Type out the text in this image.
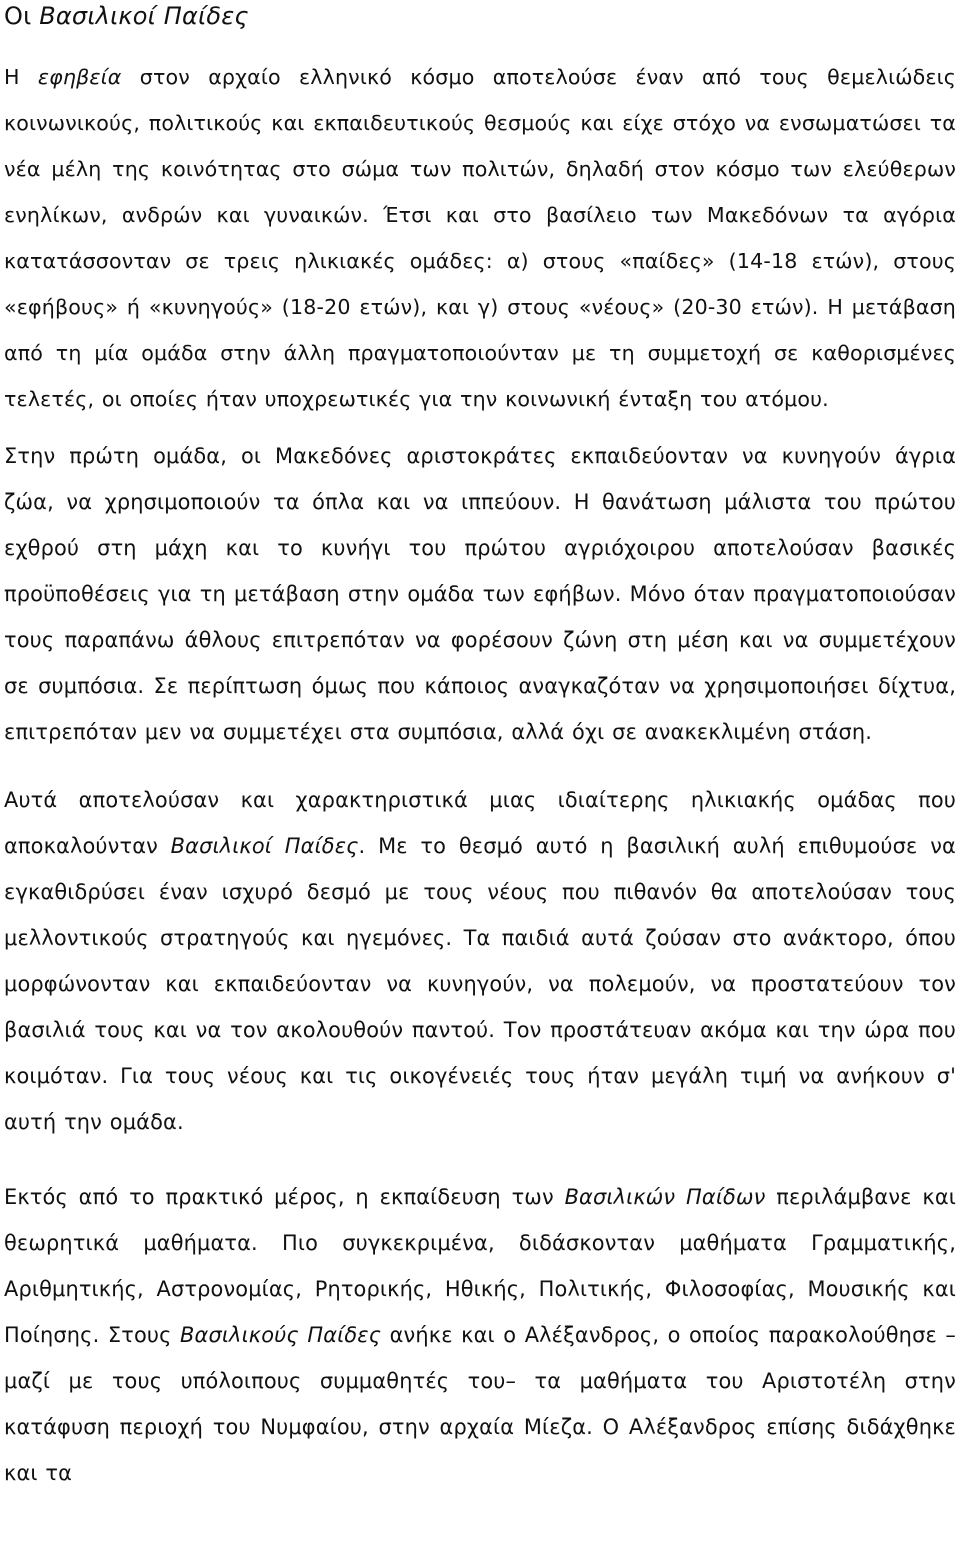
Οι Βασιλικοί Παίδες

Η εφηβεία στον αρχαίο ελληνικό κόσμο αποτελούσε έναν από τους θεμελιώδεις κοινωνικούς, πολιτικούς και εκπαιδευτικούς θεσμούς και είχε στόχο να ενσωματώσει τα νέα μέλη της κοινότητας στο σώμα των πολιτών, δηλαδή στον κόσμο των ελεύθερων ενηλίκων, ανδρών και γυναικών. Έτσι και στο βασίλειο των Μακεδόνων τα αγόρια κατατάσσονταν σε τρεις ηλικιακές ομάδες: α) στους «παίδες» (14-18 ετών), στους «εφήβους» ή «κυνηγούς» (18-20 ετών), και γ) στους «νέους» (20-30 ετών). Η μετάβαση από τη μία ομάδα στην άλλη πραγματοποιούνταν με τη συμμετοχή σε καθορισμένες τελετές, οι οποίες ήταν υποχρεωτικές για την κοινωνική ένταξη του ατόμου.

Στην πρώτη ομάδα, οι Μακεδόνες αριστοκράτες εκπαιδεύονταν να κυνηγούν άγρια ζώα, να χρησιμοποιούν τα όπλα και να ιππεύουν. Η θανάτωση μάλιστα του πρώτου εχθρού στη μάχη και το κυνήγι του πρώτου αγριόχοιρου αποτελούσαν βασικές προϋποθέσεις για τη μετάβαση στην ομάδα των εφήβων. Μόνο όταν πραγματοποιούσαν τους παραπάνω άθλους επιτρεπόταν να φορέσουν ζώνη στη μέση και να συμμετέχουν σε συμπόσια. Σε περίπτωση όμως που κάποιος αναγκαζόταν να χρησιμοποιήσει δίχτυα, επιτρεπόταν μεν να συμμετέχει στα συμπόσια, αλλά όχι σε ανακεκλιμένη στάση.

Αυτά αποτελούσαν και χαρακτηριστικά μιας ιδιαίτερης ηλικιακής ομάδας που αποκαλούνταν Βασιλικοί Παίδες. Με το θεσμό αυτό η βασιλική αυλή επιθυμούσε να εγκαθιδρύσει έναν ισχυρό δεσμό με τους νέους που πιθανόν θα αποτελούσαν τους μελλοντικούς στρατηγούς και ηγεμόνες. Τα παιδιά αυτά ζούσαν στο ανάκτορο, όπου μορφώνονταν και εκπαιδεύονταν να κυνηγούν, να πολεμούν, να προστατεύουν τον βασιλιά τους και να τον ακολουθούν παντού. Τον προστάτευαν ακόμα και την ώρα που κοιμόταν. Για τους νέους και τις οικογένειές τους ήταν μεγάλη τιμή να ανήκουν σ' αυτή την ομάδα.

Εκτός από το πρακτικό μέρος, η εκπαίδευση των Βασιλικών Παίδων περιλάμβανε και θεωρητικά μαθήματα. Πιο συγκεκριμένα, διδάσκονταν μαθήματα Γραμματικής, Αριθμητικής, Αστρονομίας, Ρητορικής, Ηθικής, Πολιτικής, Φιλοσοφίας, Μουσικής και Ποίησης. Στους Βασιλικούς Παίδες ανήκε και ο Αλέξανδρος, ο οποίος παρακολούθησε –μαζί με τους υπόλοιπους συμμαθητές του– τα μαθήματα του Αριστοτέλη στην κατάφυση περιοχή του Νυμφαίου, στην αρχαία Μίεζα. Ο Αλέξανδρος επίσης διδάχθηκε και τα
